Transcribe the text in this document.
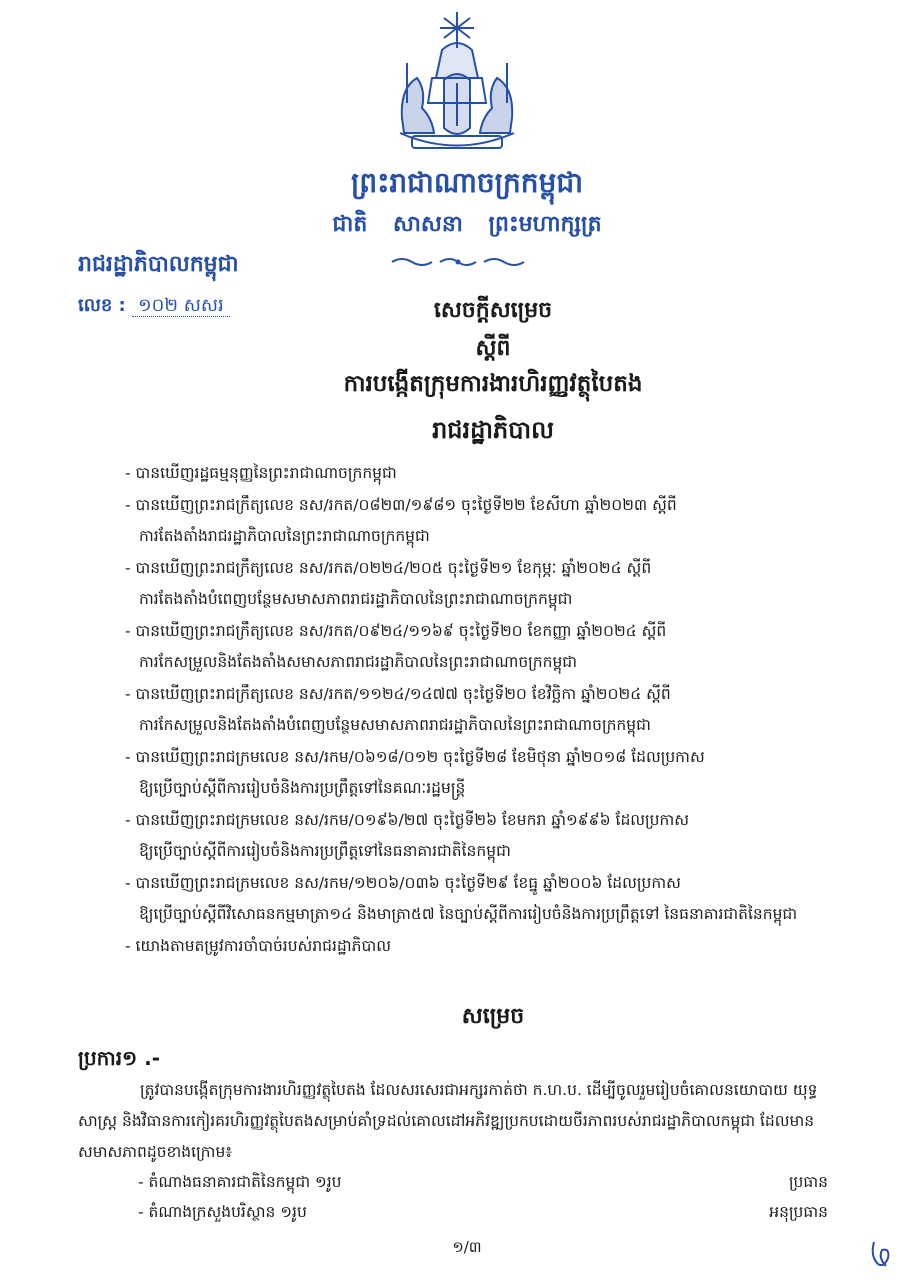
ព្រះរាជាណាចក្រកម្ពុជា
ជាតិ សាសនា ព្រះមហាក្សត្រ
រាជរដ្ឋាភិបាលកម្ពុជា
លេខ : ១០២ សសរ	សេចក្តីសម្រេច
ស្តីពី
ការបង្កើតក្រុមការងារហិរញ្ញវត្ថុបៃតង
រាជរដ្ឋាភិបាល

- បានឃើញរដ្ឋធម្មនុញ្ញនៃព្រះរាជាណាចក្រកម្ពុជា

- បានឃើញព្រះរាជក្រឹត្យលេខ នស/រកត/០៨២៣/១៩៨១ ចុះថ្ងៃទី២២ ខែសីហា ឆ្នាំ២០២៣ ស្តីពី
ការតែងតាំងរាជរដ្ឋាភិបាលនៃព្រះរាជាណាចក្រកម្ពុជា

- បានឃើញព្រះរាជក្រឹត្យលេខ នស/រកត/០២២៤/២០៥ ចុះថ្ងៃទី២១ ខែកុម្ភៈ ឆ្នាំ២០២៤ ស្តីពី
ការតែងតាំងបំពេញបន្ថែមសមាសភាពរាជរដ្ឋាភិបាលនៃព្រះរាជាណាចក្រកម្ពុជា

- បានឃើញព្រះរាជក្រឹត្យលេខ នស/រកត/០៩២៤/១១៦៩ ចុះថ្ងៃទី២០ ខែកញ្ញា ឆ្នាំ២០២៤ ស្តីពី
ការកែសម្រួលនិងតែងតាំងសមាសភាពរាជរដ្ឋាភិបាលនៃព្រះរាជាណាចក្រកម្ពុជា

- បានឃើញព្រះរាជក្រឹត្យលេខ នស/រកត/១១២៤/១៤៧៧ ចុះថ្ងៃទី២០ ខែវិច្ឆិកា ឆ្នាំ២០២៤ ស្តីពី
ការកែសម្រួលនិងតែងតាំងបំពេញបន្ថែមសមាសភាពរាជរដ្ឋាភិបាលនៃព្រះរាជាណាចក្រកម្ពុជា

- បានឃើញព្រះរាជក្រមលេខ នស/រកម/០៦១៨/០១២ ចុះថ្ងៃទី២៨ ខែមិថុនា ឆ្នាំ២០១៨ ដែលប្រកាស
ឱ្យប្រើច្បាប់ស្តីពីការរៀបចំនិងការប្រព្រឹត្តទៅនៃគណៈរដ្ឋមន្ត្រី

- បានឃើញព្រះរាជក្រមលេខ នស/រកម/០១៩៦/២៧ ចុះថ្ងៃទី២៦ ខែមករា ឆ្នាំ១៩៩៦ ដែលប្រកាស
ឱ្យប្រើច្បាប់ស្តីពីការរៀបចំនិងការប្រព្រឹត្តទៅនៃធនាគារជាតិនៃកម្ពុជា

- បានឃើញព្រះរាជក្រមលេខ នស/រកម/១២០៦/០៣៦ ចុះថ្ងៃទី២៩ ខែធ្នូ ឆ្នាំ២០០៦ ដែលប្រកាស
ឱ្យប្រើច្បាប់ស្តីពីវិសោធនកម្មមាត្រា១៤ និងមាត្រា៥៧ នៃច្បាប់ស្តីពីការរៀបចំនិងការប្រព្រឹត្តទៅ នៃធនាគារជាតិនៃកម្ពុជា

- យោងតាមតម្រូវការចាំបាច់របស់រាជរដ្ឋាភិបាល

សម្រេច
ប្រការ១ .-
ត្រូវបានបង្កើតក្រុមការងារហិរញ្ញវត្ថុបៃតង ដែលសរសេរជាអក្សរកាត់ថា ក.ហ.ប. ដើម្បីចូលរួមរៀបចំគោលនយោបាយ យុទ្ធសាស្ត្រ និងវិធានការកៀរគរហិរញ្ញវត្ថុបៃតងសម្រាប់គាំទ្រដល់គោលដៅអភិវឌ្ឍប្រកបដោយចីរភាពរបស់រាជរដ្ឋាភិបាលកម្ពុជា ដែលមានសមាសភាពដូចខាងក្រោម៖
- តំណាងធនាគារជាតិនៃកម្ពុជា ១រូប	ប្រធាន
- តំណាងក្រសួងបរិស្ថាន ១រូប	អនុប្រធាន
១/៣
